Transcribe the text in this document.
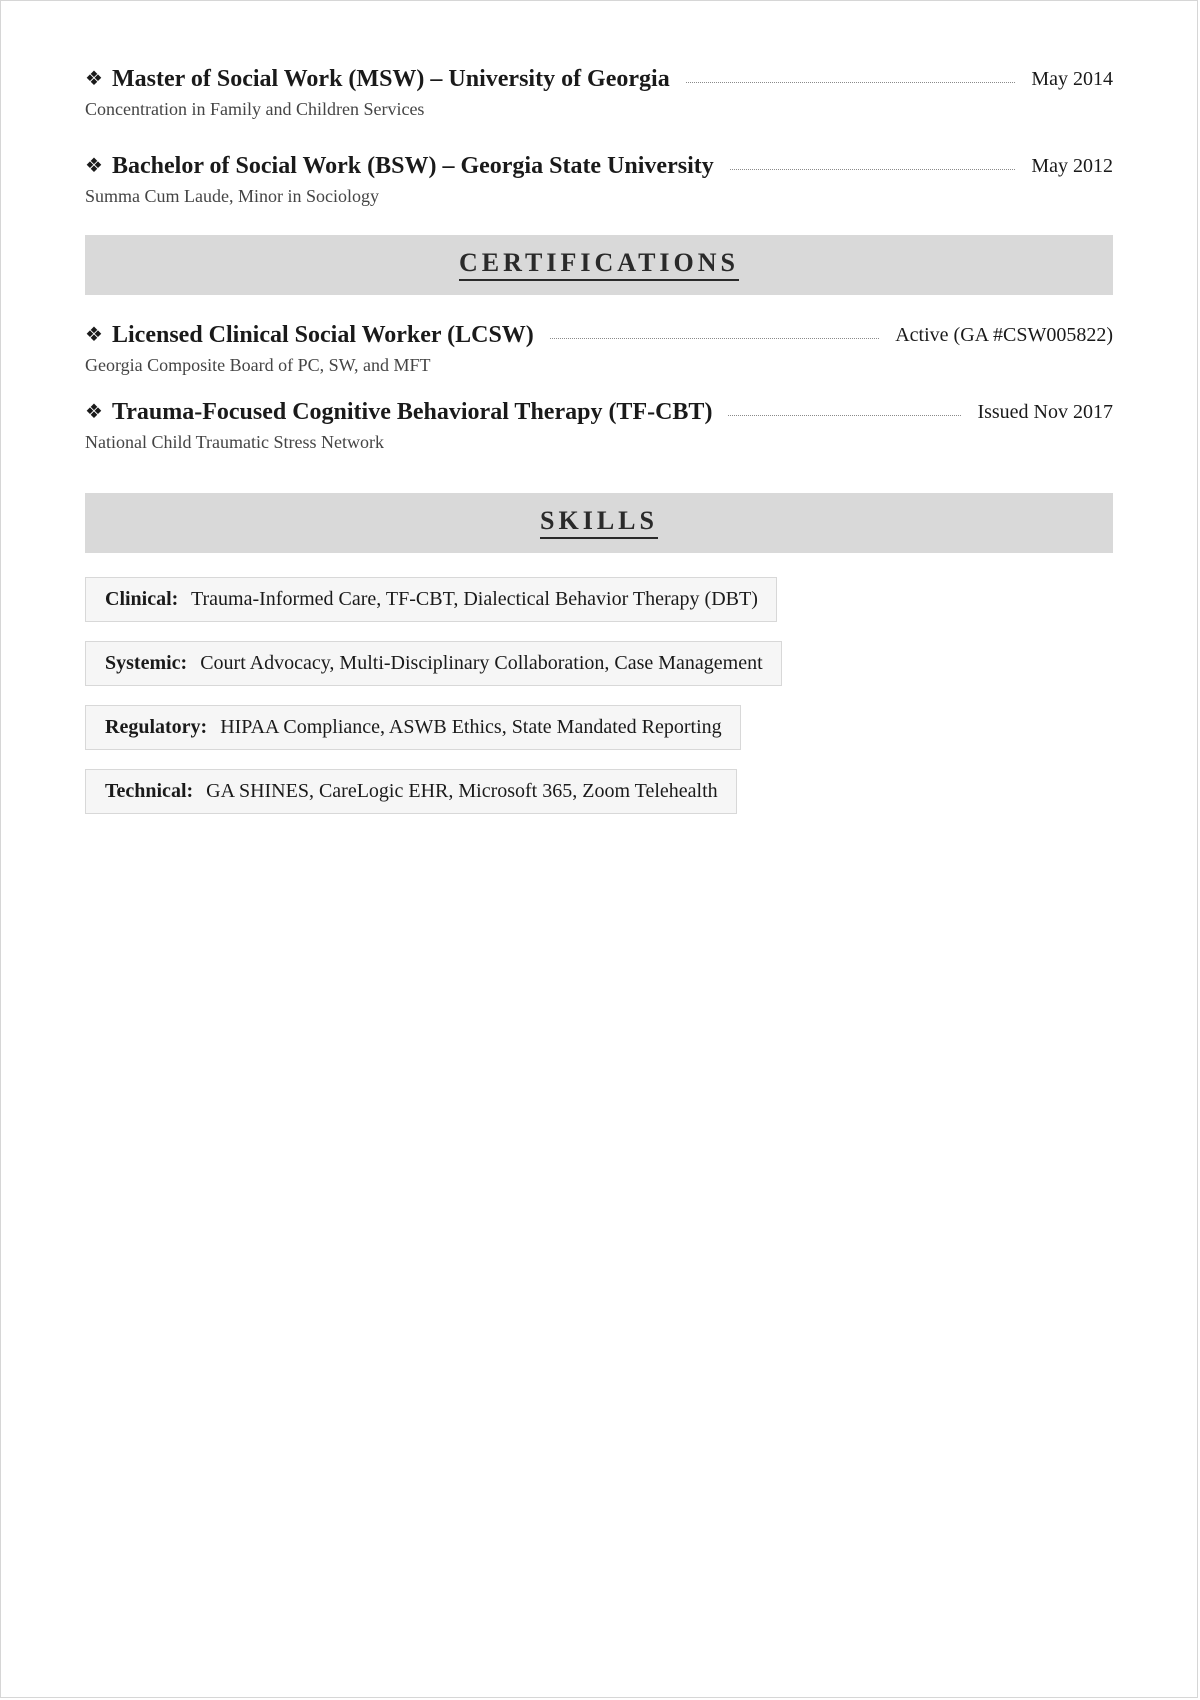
❖ Master of Social Work (MSW) – University of Georgia	May 2014
Concentration in Family and Children Services
❖ Bachelor of Social Work (BSW) – Georgia State University	May 2012
Summa Cum Laude, Minor in Sociology
CERTIFICATIONS
❖ Licensed Clinical Social Worker (LCSW)	Active (GA #CSW005822)
Georgia Composite Board of PC, SW, and MFT
❖ Trauma-Focused Cognitive Behavioral Therapy (TF-CBT)	Issued Nov 2017
National Child Traumatic Stress Network
SKILLS
Clinical: Trauma-Informed Care, TF-CBT, Dialectical Behavior Therapy (DBT)
Systemic: Court Advocacy, Multi-Disciplinary Collaboration, Case Management
Regulatory: HIPAA Compliance, ASWB Ethics, State Mandated Reporting
Technical: GA SHINES, CareLogic EHR, Microsoft 365, Zoom Telehealth
